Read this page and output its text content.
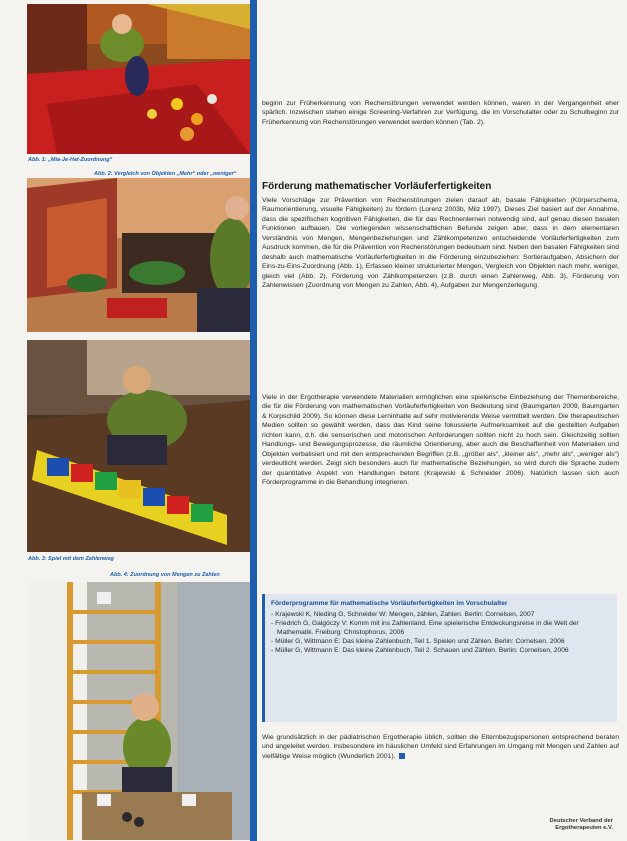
Abb. 1: „Mia-Je-Hat-Zuordnung“
Abb. 2: Vergleich von Objekten „Mehr“ oder „weniger“
Abb. 3: Spiel mit dem Zahlenweg
Abb. 4: Zuordnung von Mengen zu Zahlen

beginn zur Früherkennung von Rechenstörungen verwendet werden können, waren in der Vergangenheit eher spärlich. Inzwischen stehen einige Screening-Verfahren zur Verfügung, die im Vorschulalter oder zu Schulbeginn zur Früherkennung von Rechenstörungen verwendet werden können (Tab. 2).

Förderung mathematischer Vorläuferfertigkeiten

Viele Vorschläge zur Prävention von Rechenstörungen zielen darauf ab, basale Fähigkeiten (Körperschema, Raumorientierung, visuelle Fähigkeiten) zu fördern (Lorenz 2003b, Milz 1997). Dieses Ziel basiert auf der Annahme, dass die spezifischen kognitiven Fähigkeiten, die für das Rechnenlernen notwendig sind, auf genau diesen basalen Funktionen aufbauen. Die vorliegenden wissenschaftlichen Befunde zeigen aber, dass in dem elementaren Verständnis von Mengen, Mengenbeziehungen und Zählkompetenzen entscheidende Vorläuferfertigkeiten zum Ausdruck kommen, die für die Prävention von Rechenstörungen bedeutsam sind. Neben den basalen Fähigkeiten sind deshalb auch mathematische Vorläuferfertigkeiten in die Förderung einzubeziehen: Sortieraufgaben, Absichern der Eins-zu-Eins-Zuordnung (Abb. 1), Erfassen kleiner strukturierter Mengen, Vergleich von Objekten nach mehr, weniger, gleich viel (Abb. 2), Förderung von Zählkompetenzen (z.B. durch einen Zahlenweg, Abb. 3), Förderung von Zahlenwissen (Zuordnung von Mengen zu Zahlen, Abb. 4), Aufgaben zur Mengenzerlegung.

Viele in der Ergotherapie verwendete Materialien ermöglichen eine spielerische Einbeziehung der Themenbereiche, die für die Förderung von mathematischen Vorläuferfertigkeiten von Bedeutung sind (Baumgarten 2009, Baumgarten & Korpschild 2009). So können diese Lerninhalte auf sehr motivierende Weise vermittelt werden. Die therapeutischen Medien sollten so gewählt werden, dass das Kind seine fokussierte Aufmerksamkeit auf die gestellten Aufgaben richten kann, d.h. die sensorischen und motorischen Anforderungen sollten nicht zu hoch sein. Gleichzeitig sollten Handlungs- und Bewegungsprozesse, die räumliche Orientierung, aber auch die Beschaffenheit von Materialien und Objekten verbalisiert und mit den entsprechenden Begriffen (z.B. „größer als“, „kleiner als“, „mehr als“, „weniger als“) verdeutlicht werden. Zeigt sich besonders auch für mathematische Beziehungen, so wird durch die Sprache zudem der quantitative Aspekt von Handlungen betont (Krajewski & Schneider 2006). Natürlich lassen sich auch Förderprogramme in die Behandlung integrieren.

Förderprogramme für mathematische Vorläuferfertigkeiten im Vorschulalter

- Krajewski K, Nieding G, Schneider W: Mengen, zählen, Zahlen. Berlin: Cornelsen, 2007
- Friedrich G, Galgóczy V: Komm mit ins Zahlenland. Eine spielerische Entdeckungsreise in die Welt der Mathematik. Freiburg: Christophorus, 2006
- Müller G, Wittmann E: Das kleine Zahlenbuch, Teil 1. Spielen und Zählen. Berlin: Cornelsen, 2006
- Müller G, Wittmann E: Das kleine Zahlenbuch, Teil 2. Schauen und Zählen. Berlin: Cornelsen, 2006

Wie grundsätzlich in der pädiatrischen Ergotherapie üblich, sollten die Elternbezugspersonen entsprechend beraten und angeleitet werden. Insbesondere im häuslichen Umfeld sind Erfahrungen im Umgang mit Mengen und Zahlen auf vielfältige Weise möglich (Wunderlich 2001).

Deutscher Verband der
Ergotherapeuten e.V.
